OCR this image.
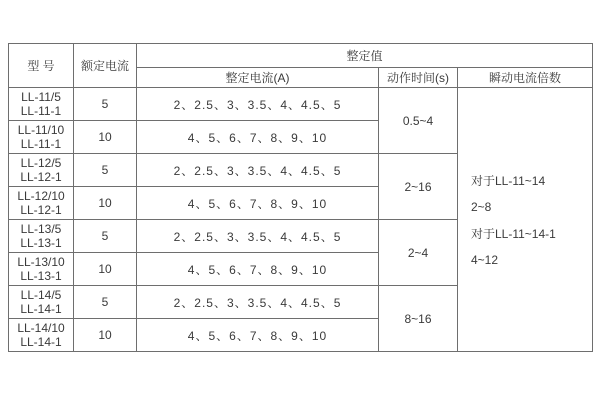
型 号	额定电流	整定值		
		整定电流(A)	动作时间(s)	瞬动电流倍数

LL-11/5
LL-11-1	5	2、2.5、3、3.5、4、4.5、5	0.5~4	
对于LL-11~14
2~8
对于LL-11~14-1
4~12

LL-11/10
LL-11-1	10	4、5、6、7、8、9、10		

LL-12/5
LL-12-1	5	2、2.5、3、3.5、4、4.5、5	2~16	

LL-12/10
LL-12-1	10	4、5、6、7、8、9、10		

LL-13/5
LL-13-1	5	2、2.5、3、3.5、4、4.5、5	2~4	

LL-13/10
LL-13-1	10	4、5、6、7、8、9、10		

LL-14/5
LL-14-1	5	2、2.5、3、3.5、4、4.5、5	8~16	

LL-14/10
LL-14-1	10	4、5、6、7、8、9、10		
